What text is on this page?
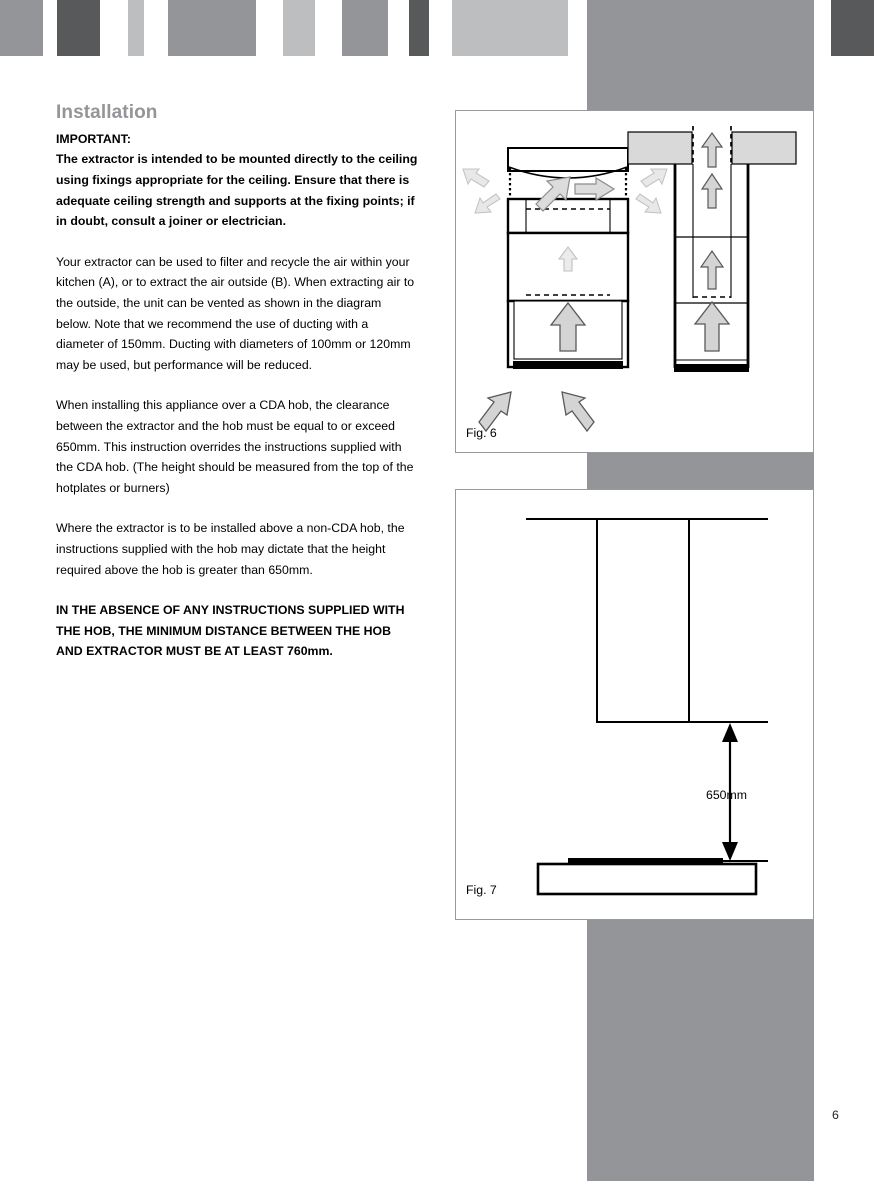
Installation

IMPORTANT:

The extractor is intended to be mounted directly to the ceiling using fixings appropriate for the ceiling. Ensure that there is adequate ceiling strength and supports at the fixing points; if in doubt, consult a joiner or electrician.

Your extractor can be used to filter and recycle the air within your kitchen (A), or to extract the air outside (B). When extracting air to the outside, the unit can be vented as shown in the diagram below. Note that we recommend the use of ducting with a diameter of 150mm. Ducting with diameters of 100mm or 120mm may be used, but performance will be reduced.

When installing this appliance over a CDA hob, the clearance between the extractor and the hob must be equal to or exceed 650mm. This instruction overrides the instructions supplied with the CDA hob. (The height should be measured from the top of the hotplates or burners)

Where the extractor is to be installed above a non-CDA hob, the instructions supplied with the hob may dictate that the height required above the hob is greater than 650mm.

IN THE ABSENCE OF ANY INSTRUCTIONS SUPPLIED WITH THE HOB, THE MINIMUM DISTANCE BETWEEN THE HOB AND EXTRACTOR MUST BE AT LEAST 760mm.

Fig. 6
650mm
Fig. 7
6
